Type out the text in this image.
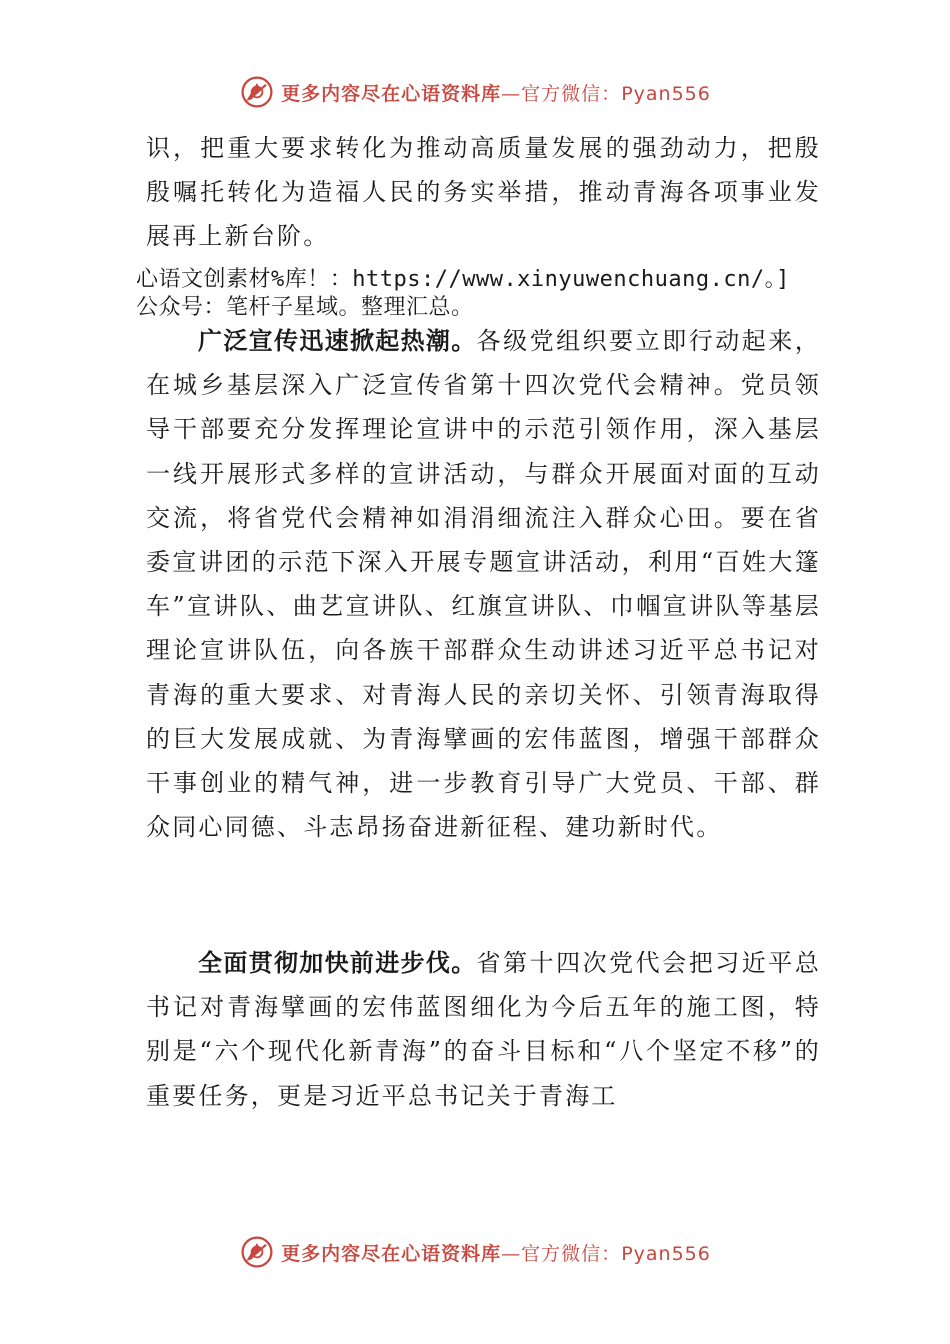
更多内容尽在心语资料库—官方微信：Pyan556
识，把重大要求转化为推动高质量发展的强劲动力，把殷殷嘱托转化为造福人民的务实举措，推动青海各项事业发展再上新台阶。
心语文创素材%库！：https://www.xinyuwenchuang.cn/。]
公众号：笔杆子星域。整理汇总。
广泛宣传迅速掀起热潮。各级党组织要立即行动起来，在城乡基层深入广泛宣传省第十四次党代会精神。党员领导干部要充分发挥理论宣讲中的示范引领作用，深入基层一线开展形式多样的宣讲活动，与群众开展面对面的互动交流，将省党代会精神如涓涓细流注入群众心田。要在省委宣讲团的示范下深入开展专题宣讲活动，利用“百姓大篷车”宣讲队、曲艺宣讲队、红旗宣讲队、巾帼宣讲队等基层理论宣讲队伍，向各族干部群众生动讲述习近平总书记对青海的重大要求、对青海人民的亲切关怀、引领青海取得的巨大发展成就、为青海擘画的宏伟蓝图，增强干部群众干事创业的精气神，进一步教育引导广大党员、干部、群众同心同德、斗志昂扬奋进新征程、建功新时代。
全面贯彻加快前进步伐。省第十四次党代会把习近平总书记对青海擘画的宏伟蓝图细化为今后五年的施工图，特别是“六个现代化新青海”的奋斗目标和“八个坚定不移”的重要任务，更是习近平总书记关于青海工
更多内容尽在心语资料库—官方微信：Pyan556
